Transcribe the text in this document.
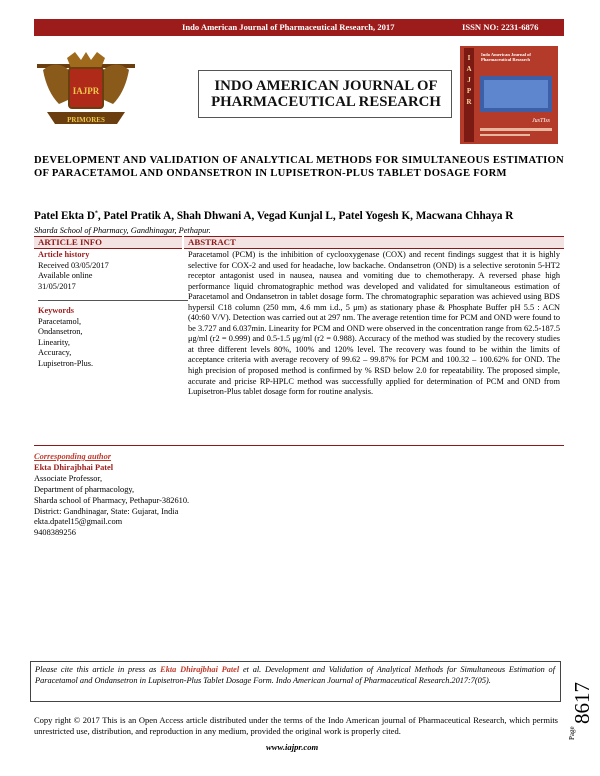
Indo American Journal of Pharmaceutical Research, 2017	ISSN NO: 2231-6876
IAJPR
PRIMORES
INDO AMERICAN JOURNAL OF
PHARMACEUTICAL RESEARCH
I
A
J
P
R
Indo American Journal of Pharmaceutical Research
JusTIss
DEVELOPMENT AND VALIDATION OF ANALYTICAL METHODS FOR SIMULTANEOUS ESTIMATION OF PARACETAMOL AND ONDANSETRON IN LUPISETRON-PLUS TABLET DOSAGE FORM
Patel Ekta D*, Patel Pratik A, Shah Dhwani A, Vegad Kunjal L, Patel Yogesh K, Macwana Chhaya R
Sharda School of Pharmacy, Gandhinagar, Pethapur.
ARTICLE INFO	ABSTRACT
Article history
Received 03/05/2017
Available online
31/05/2017
Keywords
Paracetamol,
Ondansetron,
Linearity,
Accuracy,
Lupisetron-Plus.
Paracetamol (PCM) is the inhibition of cyclooxygenase (COX) and recent findings suggest that it is highly selective for COX-2 and used for headache, low backache. Ondansetron (OND) is a selective serotonin 5-HT2 receptor antagonist used in nausea, nausea and vomiting due to chemotherapy. A reversed phase high performance liquid chromatographic method was developed and validated for simultaneous estimation of Paracetamol and Ondansetron in tablet dosage form. The chromatographic separation was achieved using BDS hypersil C18 column (250 mm, 4.6 mm i.d., 5 μm) as stationary phase & Phosphate Buffer pH 5.5 : ACN (40:60 V/V). Detection was carried out at 297 nm. The average retention time for PCM and OND were found to be 3.727 and 6.037min. Linearity for PCM and OND were observed in the concentration range from 62.5-187.5 μg/ml (r2 = 0.999) and 0.5-1.5 μg/ml (r2 = 0.988). Accuracy of the method was studied by the recovery studies at three different levels 80%, 100% and 120% level. The recovery was found to be within the limits of acceptance criteria with average recovery of 99.62 – 99.87% for PCM and 100.32 – 100.62% for OND. The high precision of proposed method is confirmed by % RSD below 2.0 for repeatability. The proposed simple, accurate and pricise RP-HPLC method was successfully applied for determination of PCM and OND from Lupisetron-Plus tablet dosage form for routine analysis.
Corresponding author
Ekta Dhirajbhai Patel
Associate Professor,
Department of pharmacology,
Sharda school of Pharmacy, Pethapur-382610.
District: Gandhinagar, State: Gujarat, India
ekta.dpatel15@gmail.com
9408389256
Please cite this article in press as Ekta Dhirajbhai Patel et al. Development and Validation of Analytical Methods for Simultaneous Estimation of Paracetamol and Ondansetron in Lupisetron-Plus Tablet Dosage Form. Indo American Journal of Pharmaceutical Research.2017:7(05).
Copy right © 2017 This is an Open Access article distributed under the terms of the Indo American journal of Pharmaceutical Research, which permits unrestricted use, distribution, and reproduction in any medium, provided the original work is properly cited.
www.iajpr.com
8617
Page
